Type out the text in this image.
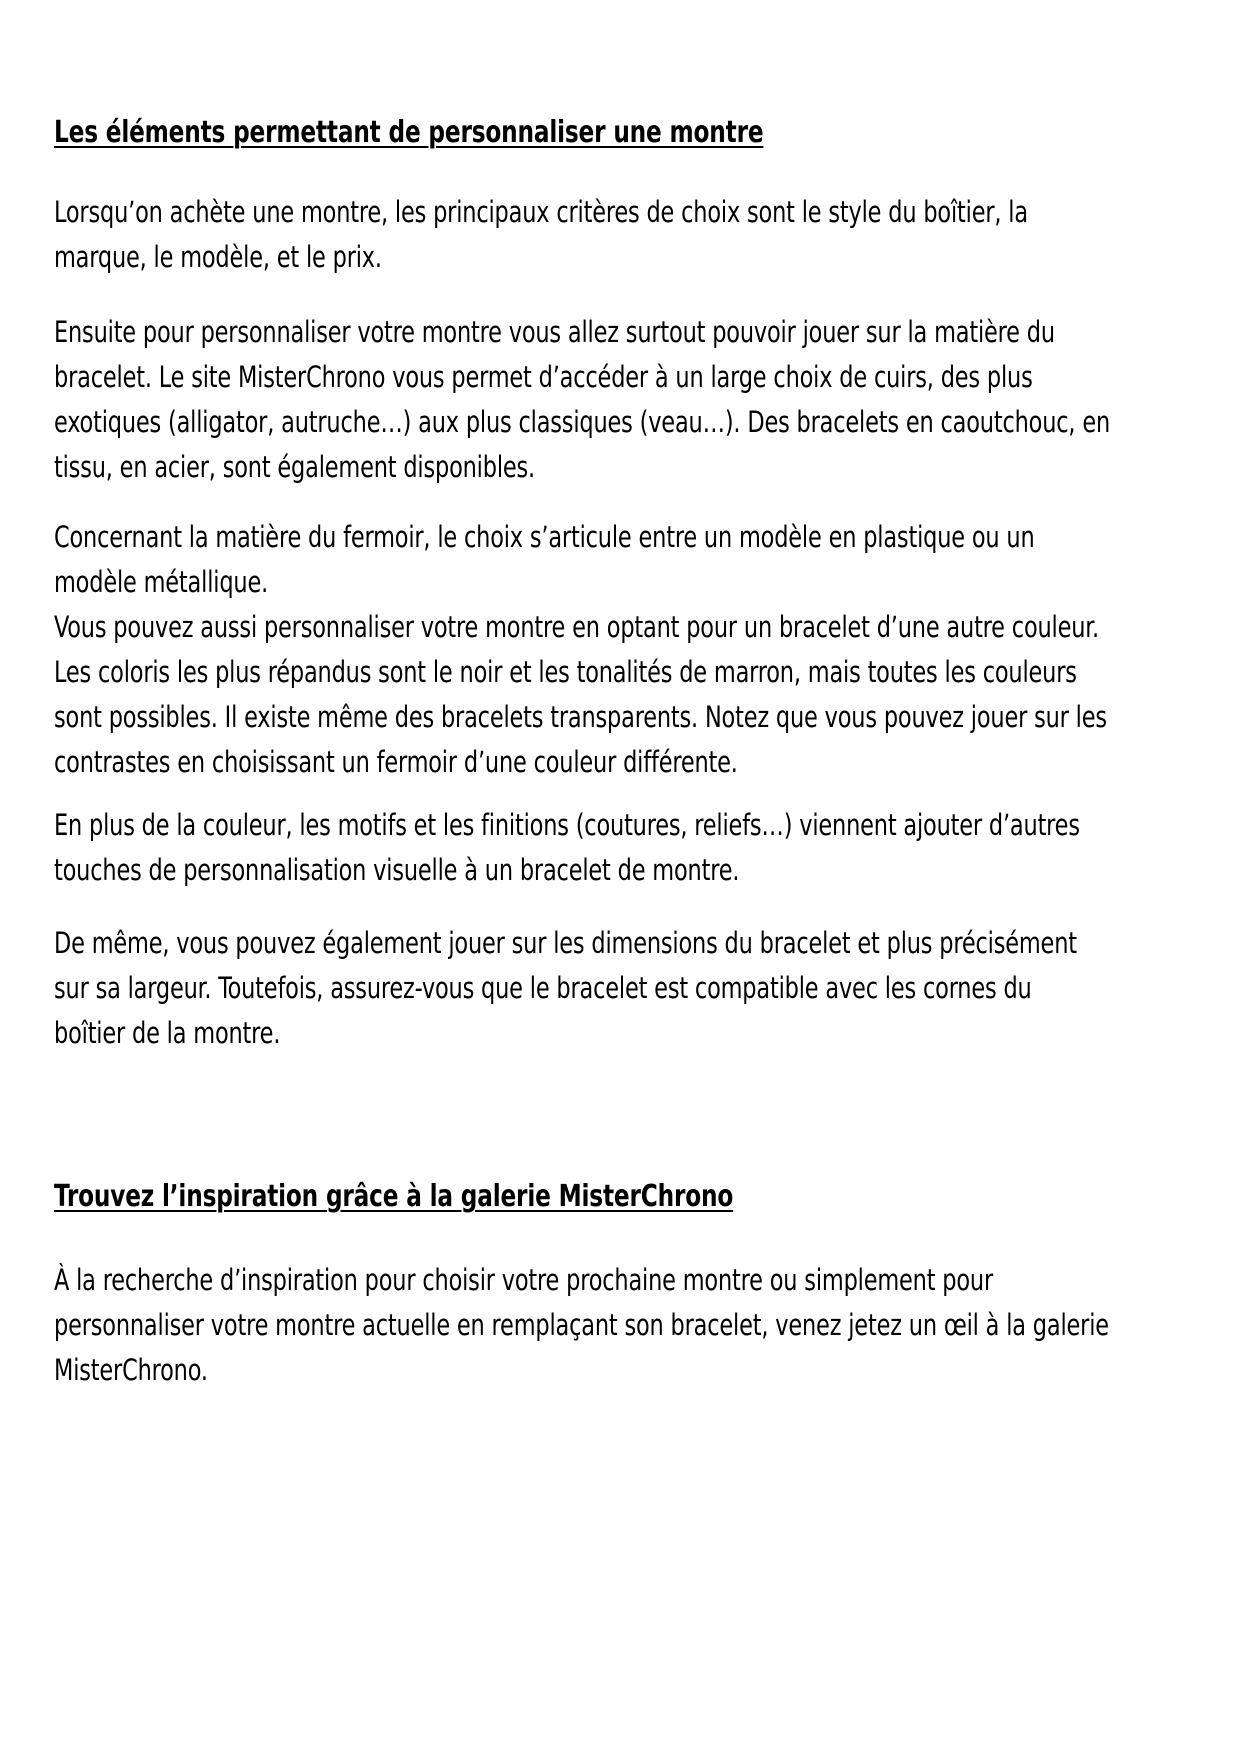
Les éléments permettant de personnaliser une montre
Lorsqu’on achète une montre, les principaux critères de choix sont le style du boîtier, la
marque, le modèle, et le prix.
Ensuite pour personnaliser votre montre vous allez surtout pouvoir jouer sur la matière du
bracelet. Le site MisterChrono vous permet d’accéder à un large choix de cuirs, des plus
exotiques (alligator, autruche…) aux plus classiques (veau…). Des bracelets en caoutchouc, en
tissu, en acier, sont également disponibles.
Concernant la matière du fermoir, le choix s’articule entre un modèle en plastique ou un
modèle métallique.
Vous pouvez aussi personnaliser votre montre en optant pour un bracelet d’une autre couleur.
Les coloris les plus répandus sont le noir et les tonalités de marron, mais toutes les couleurs
sont possibles. Il existe même des bracelets transparents. Notez que vous pouvez jouer sur les
contrastes en choisissant un fermoir d’une couleur différente.
En plus de la couleur, les motifs et les finitions (coutures, reliefs…) viennent ajouter d’autres
touches de personnalisation visuelle à un bracelet de montre.
De même, vous pouvez également jouer sur les dimensions du bracelet et plus précisément
sur sa largeur. Toutefois, assurez-vous que le bracelet est compatible avec les cornes du
boîtier de la montre.
Trouvez l’inspiration grâce à la galerie MisterChrono
À la recherche d’inspiration pour choisir votre prochaine montre ou simplement pour
personnaliser votre montre actuelle en remplaçant son bracelet, venez jetez un œil à la galerie
MisterChrono.
